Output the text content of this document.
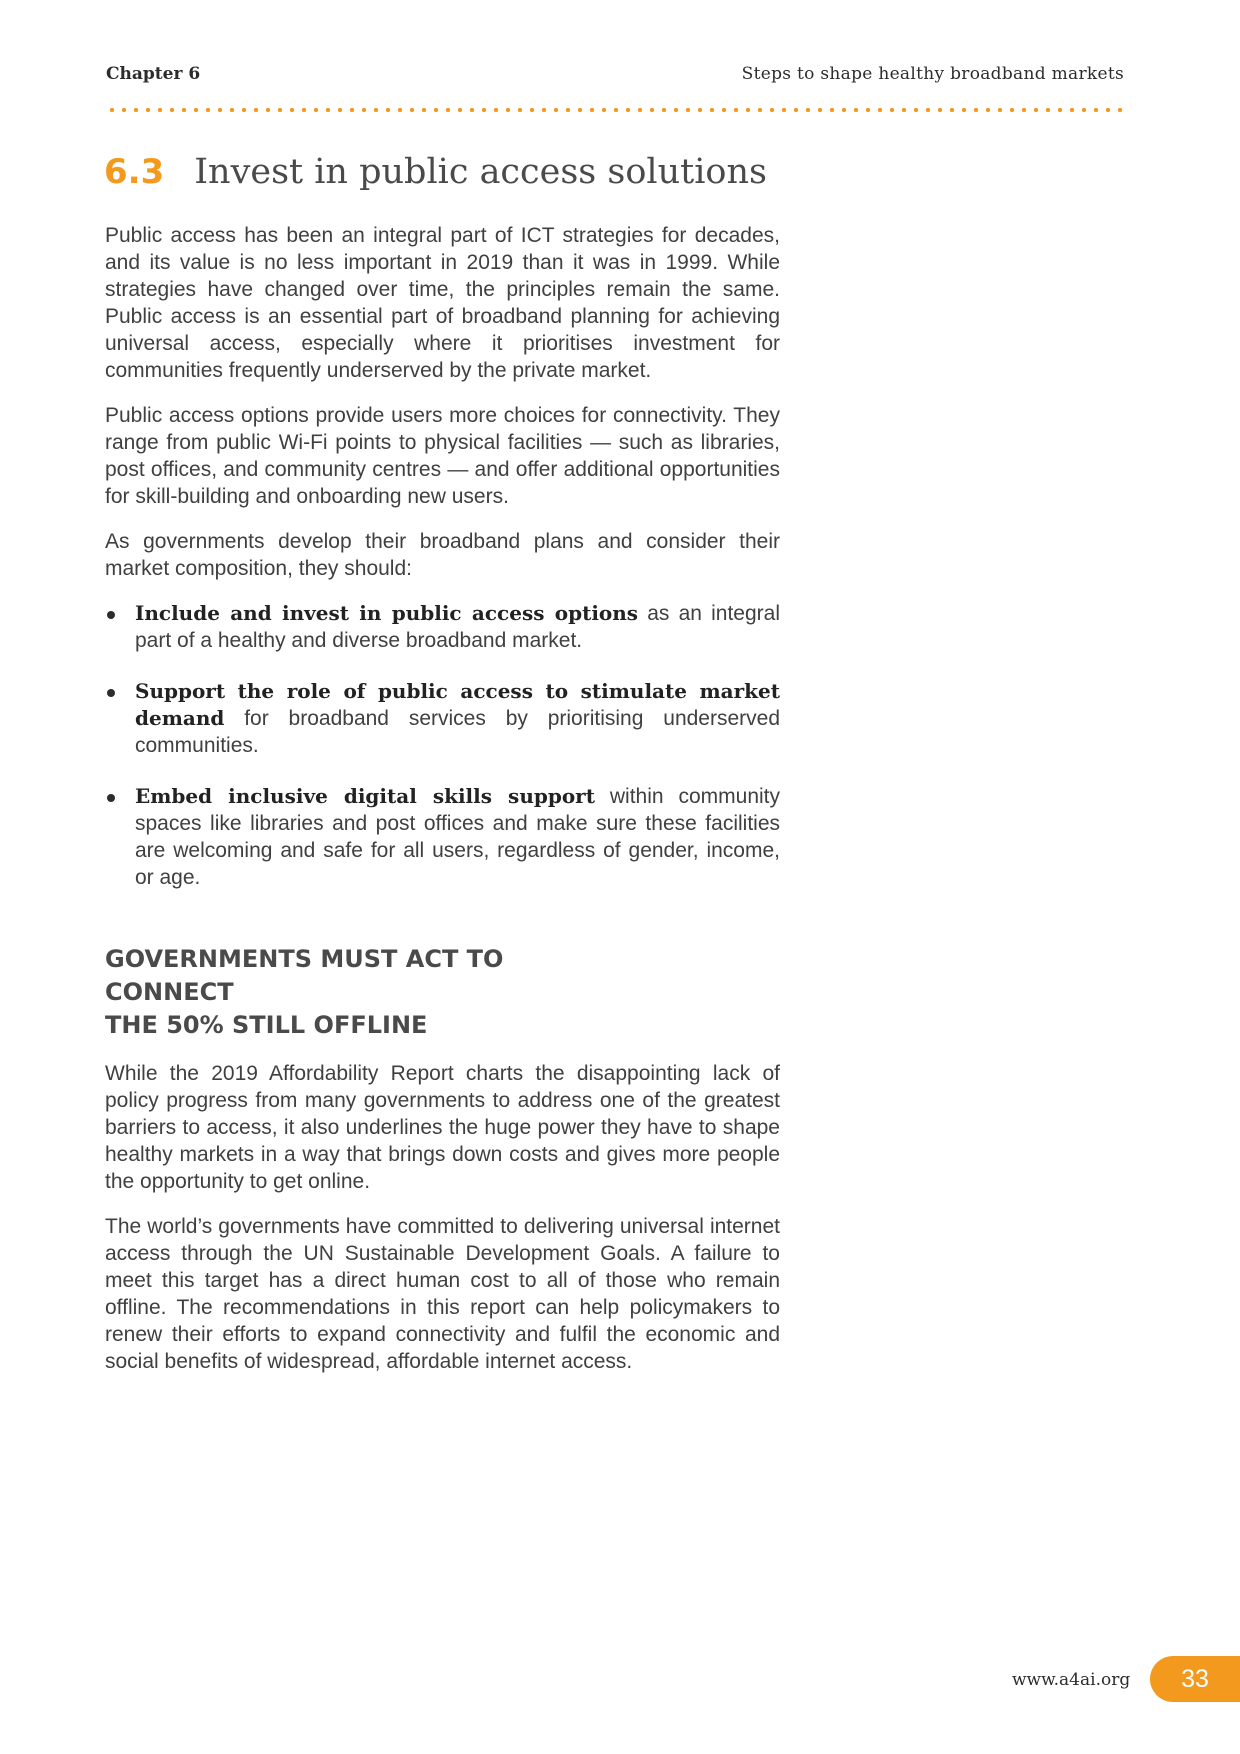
Chapter 6	Steps to shape healthy broadband markets
6.3 Invest in public access solutions

Public access has been an integral part of ICT strategies for decades, and its value is no less important in 2019 than it was in 1999. While strategies have changed over time, the principles remain the same. Public access is an essential part of broadband planning for achieving universal access, especially where it prioritises investment for communities frequently underserved by the private market.

Public access options provide users more choices for connectivity. They range from public Wi-Fi points to physical facilities — such as libraries, post offices, and community centres — and offer additional opportunities for skill-building and onboarding new users.

As governments develop their broadband plans and consider their market composition, they should:

Include and invest in public access options as an integral part of a healthy and diverse broadband market.
Support the role of public access to stimulate market demand for broadband services by prioritising underserved communities.
Embed inclusive digital skills support within community spaces like libraries and post offices and make sure these facilities are welcoming and safe for all users, regardless of gender, income, or age.
GOVERNMENTS MUST ACT TO CONNECT
THE 50% STILL OFFLINE

While the 2019 Affordability Report charts the disappointing lack of policy progress from many governments to address one of the greatest barriers to access, it also underlines the huge power they have to shape healthy markets in a way that brings down costs and gives more people the opportunity to get online.

The world’s governments have committed to delivering universal internet access through the UN Sustainable Development Goals. A failure to meet this target has a direct human cost to all of those who remain offline. The recommendations in this report can help policymakers to renew their efforts to expand connectivity and fulfil the economic and social benefits of widespread, affordable internet access.

www.a4ai.org	33
